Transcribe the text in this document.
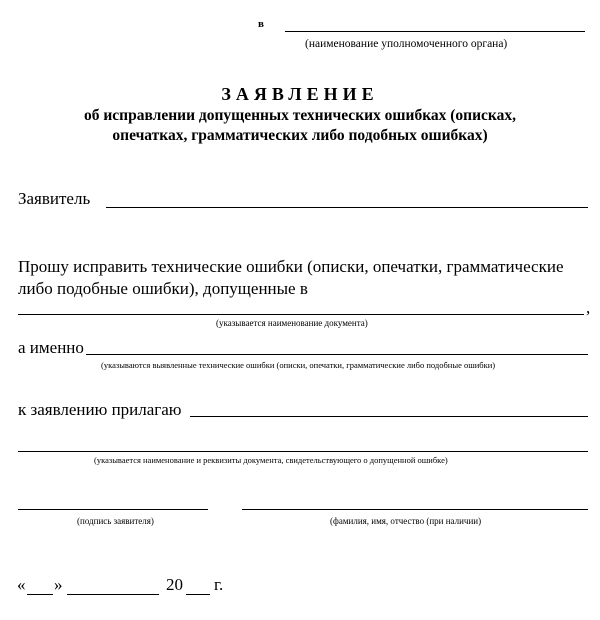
в
(наименование уполномоченного органа)
ЗАЯВЛЕНИЕ
об исправлении допущенных технических ошибках (описках,
опечатках, грамматических либо подобных ошибках)
Заявитель
Прошу исправить технические ошибки (описки, опечатки, грамматические
либо подобные ошибки), допущенные в
,
(указывается наименование документа)
а именно
(указываются выявленные технические ошибки (описки, опечатки, грамматические либо подобные ошибки)
к заявлению прилагаю
(указывается наименование и реквизиты документа, свидетельствующего о допущенной ошибке)
(подпись заявителя)	(фамилия, имя, отчество (при наличии)
« »	20 г.
